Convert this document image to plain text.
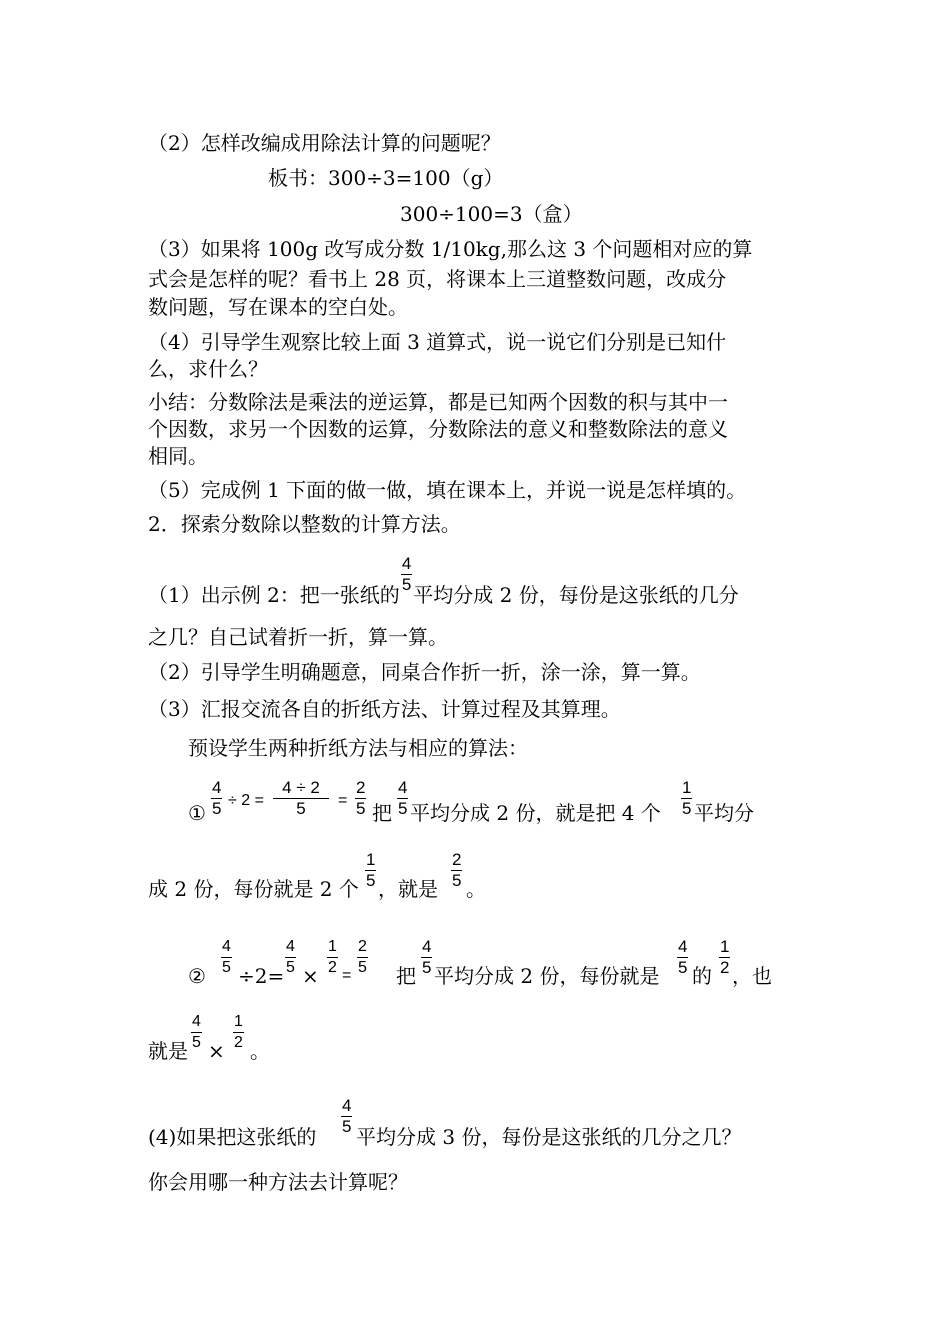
（2）怎样改编成用除法计算的问题呢？
板书：300÷3=100（g）
300÷100=3（盒）
（3）如果将 100g 改写成分数 1/10kg,那么这 3 个问题相对应的算
式会是怎样的呢？看书上 28 页，将课本上三道整数问题，改成分
数问题，写在课本的空白处。
（4）引导学生观察比较上面 3 道算式，说一说它们分别是已知什
么，求什么？
小结：分数除法是乘法的逆运算，都是已知两个因数的积与其中一
个因数，求另一个因数的运算，分数除法的意义和整数除法的意义
相同。
（5）完成例 1 下面的做一做，填在课本上，并说一说是怎样填的。
2．探索分数除以整数的计算方法。
（1）出示例 2：把一张纸的 $\frac{4}{5}$ 平均分成 2 份，每份是这张纸的几分
之几？自己试着折一折，算一算。
（2）引导学生明确题意，同桌合作折一折，涂一涂，算一算。
（3）汇报交流各自的折纸方法、计算过程及其算理。
预设学生两种折纸方法与相应的算法：
①
4
5 ÷ 2 =
4 ÷ 2
5	=
2
5 把
4
5 平均分成 2 份，就是把 4 个
1
5 平均分
成 2 份，每份就是 2 个
1
5 ，就是
2
5 。
②
4
5 ÷2=
4
5 ×
1
2 =
2
5 把
4
5 平均分成 2 份，每份就是
4
5 的
1
2 ，也
就是
4
5 ×
1
2 。
(4)如果把这张纸的
4
5 平均分成 3 份，每份是这张纸的几分之几？
你会用哪一种方法去计算呢？
